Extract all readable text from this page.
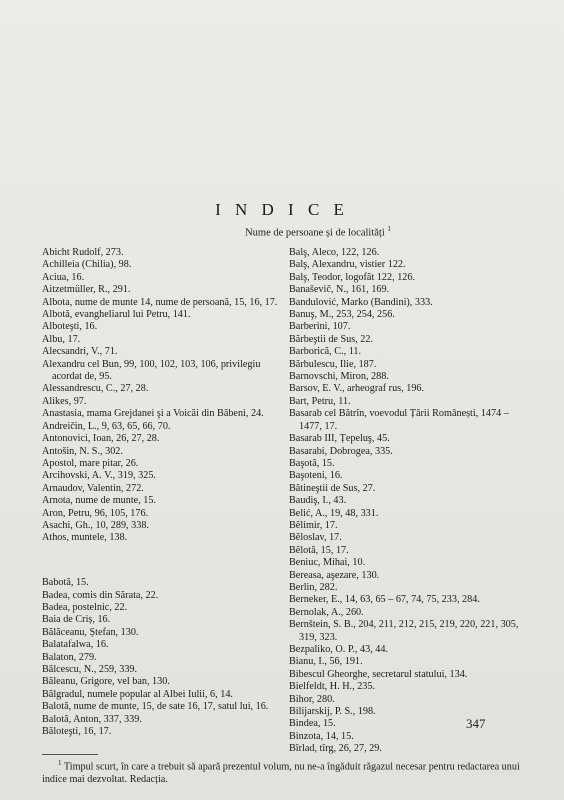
I N D I C E
Nume de persoane și de localități $^1$

Abicht Rudolf, 273.

Achilleia (Chilia), 98.

Aciua, 16.

Aitzetmüller, R., 291.

Albota, nume de munte 14, nume de persoană, 15, 16, 17.

Albotă, evangheliarul lui Petru, 141.

Alboteşti, 16.

Albu, 17.

Alecsandri, V., 71.

Alexandru cel Bun, 99, 100, 102, 103, 106, privilegiu acordat de, 95.

Alessandrescu, C., 27, 28.

Alikes, 97.

Anastasia, mama Grejdanei şi a Voicăi din Băbeni, 24.

Andreičin, L., 9, 63, 65, 66, 70.

Antonovici, Ioan, 26, 27, 28.

Antošin, N. S., 302.

Apostol, mare pitar, 26.

Arcihovski, A. V., 319, 325.

Arnaudov, Valentin, 272.

Arnota, nume de munte, 15.

Aron, Petru, 96, 105, 176.

Asachi, Gh., 10, 289, 338.

Athos, muntele, 138.

Babotă, 15.

Badea, comis din Sărata, 22.

Badea, postelnic, 22.

Baia de Criș, 16.

Bălăceanu, Ștefan, 130.

Balatafalwa, 16.

Balaton, 279.

Bălcescu, N., 259, 339.

Băleanu, Grigore, vel ban, 130.

Bălgradul, numele popular al Albei Iulii, 6, 14.

Balotă, nume de munte, 15, de sate 16, 17, satul lui, 16.

Balotă, Anton, 337, 339.

Băloteşti, 16, 17.

Balş, Aleco, 122, 126.

Balş, Alexandru, vistier 122.

Balş, Teodor, logofăt 122, 126.

Banaševič, N., 161, 169.

Bandulović, Marko (Bandini), 333.

Banuş, M., 253, 254, 256.

Barberini, 107.

Bărbeştii de Sus, 22.

Barborică, C., 11.

Bărbulescu, Ilie, 187.

Barnovschi, Miron, 288.

Barsov, E. V., arheograf rus, 196.

Bart, Petru, 11.

Basarab cel Bătrîn, voevodul Țării Românești, 1474 – 1477, 17.

Basarab III, Țepeluş, 45.

Basarabi, Dobrogea, 335.

Başotă, 15.

Başoteni, 16.

Bătineştii de Sus, 27.

Baudiş, I., 43.

Belić, A., 19, 48, 331.

Bĕlimir, 17.

Bĕloslav, 17.

Bĕlotă, 15, 17.

Beniuc, Mihai, 10.

Bereasa, aşezare, 130.

Berlin, 282.

Berneker, E., 14, 63, 65 – 67, 74, 75, 233, 284.

Bernolak, A., 260.

Bernštein, S. B., 204, 211, 212, 215, 219, 220, 221, 305, 319, 323.

Bezpaliko, O. P., 43, 44.

Bianu, I., 56, 191.

Bibescul Gheorghe, secretarul statului, 134.

Bielfeldt, H. H., 235.

Bihor, 280.

Bilijarskij, P. S., 198.

Bindea, 15.

Binzota, 14, 15.

Bîrlad, tîrg, 26, 27, 29.

347
$^1$ Timpul scurt, în care a trebuit să apară prezentul volum, nu ne-a îngăduit răgazul necesar pentru redactarea unui indice mai dezvoltat. Redacția.
